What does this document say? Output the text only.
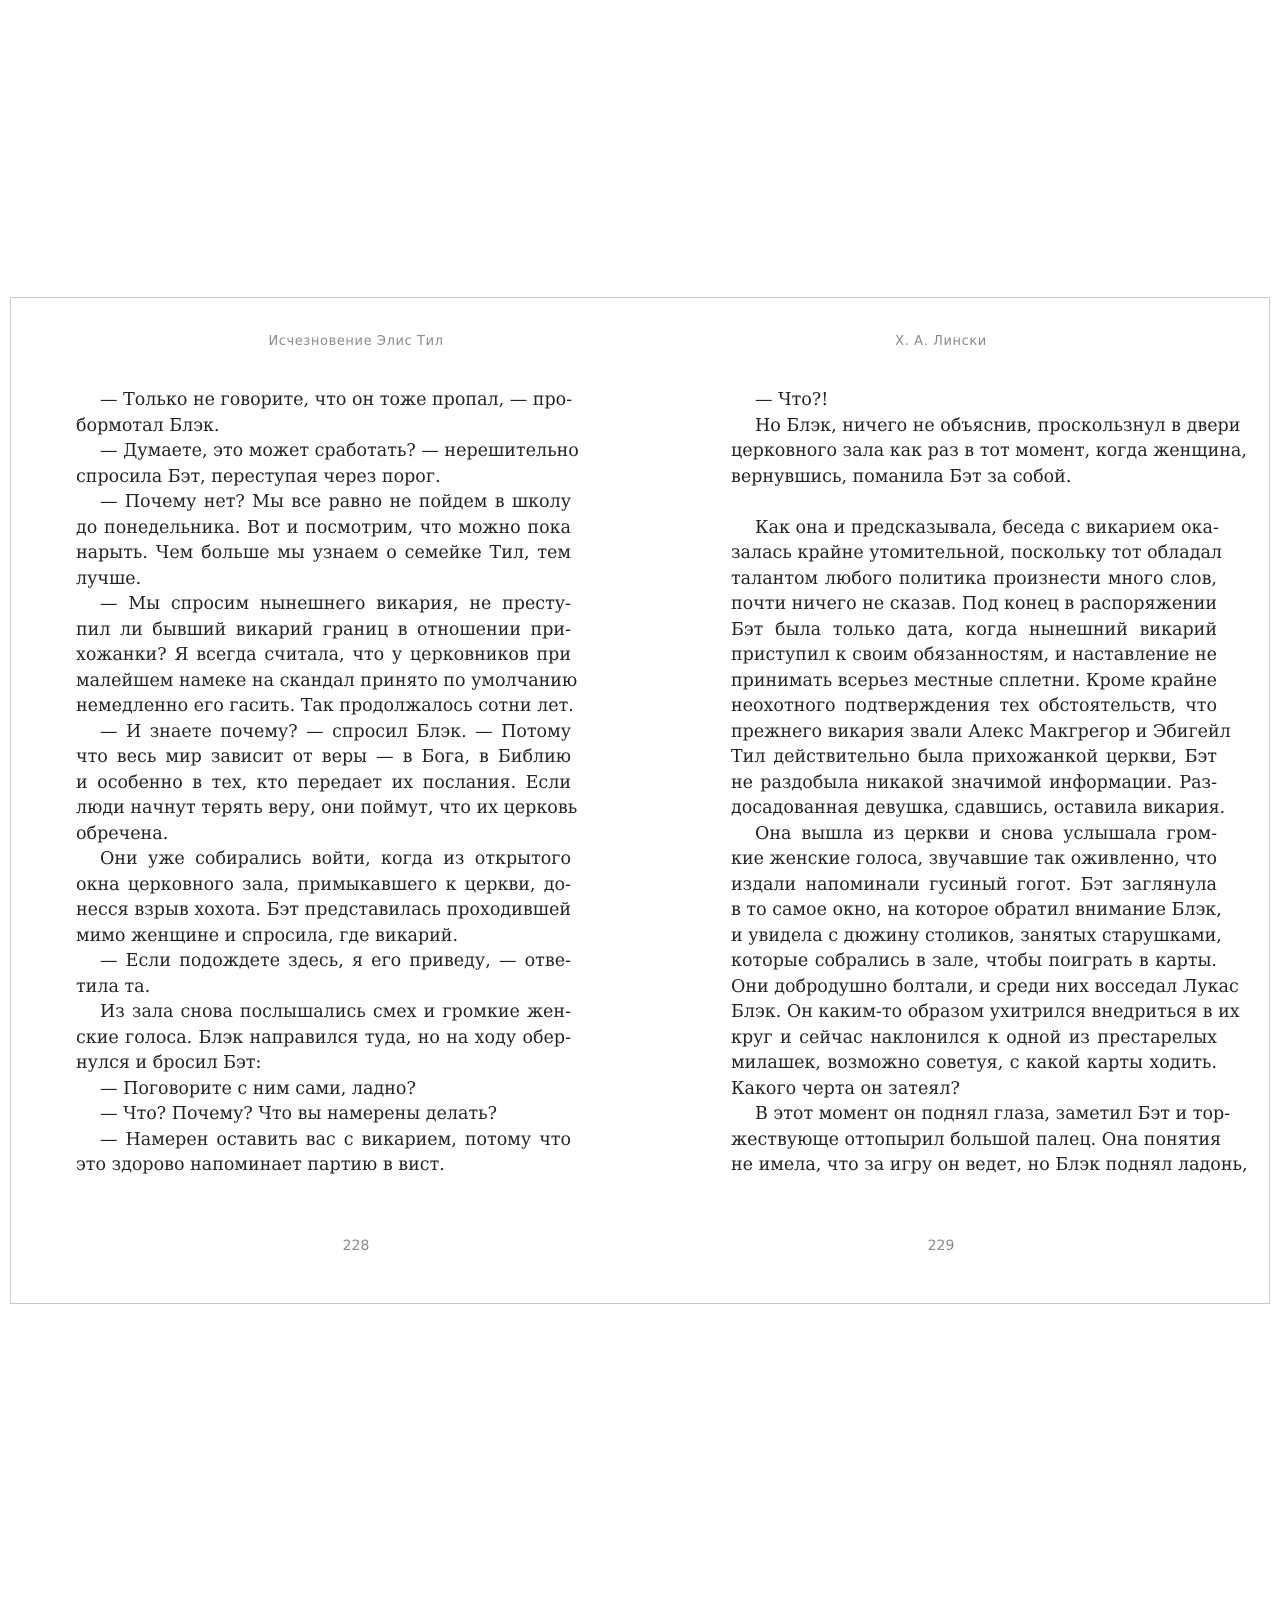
Исчезновение Элис Тил
— Только не говорите, что он тоже пропал, — про-
бормотал Блэк.
— Думаете, это может сработать? — нерешительно
спросила Бэт, переступая через порог.
— Почему нет? Мы все равно не пойдем в школу
до понедельника. Вот и посмотрим, что можно пока
нарыть. Чем больше мы узнаем о семейке Тил, тем
лучше.
— Мы спросим нынешнего викария, не престу-
пил ли бывший викарий границ в отношении при-
хожанки? Я всегда считала, что у церковников при
малейшем намеке на скандал принято по умолчанию
немедленно его гасить. Так продолжалось сотни лет.
— И знаете почему? — спросил Блэк. — Потому
что весь мир зависит от веры — в Бога, в Библию
и особенно в тех, кто передает их послания. Если
люди начнут терять веру, они поймут, что их церковь
обречена.
Они уже собирались войти, когда из открытого
окна церковного зала, примыкавшего к церкви, до-
несся взрыв хохота. Бэт представилась проходившей
мимо женщине и спросила, где викарий.
— Если подождете здесь, я его приведу, — отве-
тила та.
Из зала снова послышались смех и громкие жен-
ские голоса. Блэк направился туда, но на ходу обер-
нулся и бросил Бэт:
— Поговорите с ним сами, ладно?
— Что? Почему? Что вы намерены делать?
— Намерен оставить вас с викарием, потому что
это здорово напоминает партию в вист.
228
Х. А. Лински
— Что?!
Но Блэк, ничего не объяснив, проскользнул в двери
церковного зала как раз в тот момент, когда женщина,
вернувшись, поманила Бэт за собой.
Как она и предсказывала, беседа с викарием ока-
залась крайне утомительной, поскольку тот обладал
талантом любого политика произнести много слов,
почти ничего не сказав. Под конец в распоряжении
Бэт была только дата, когда нынешний викарий
приступил к своим обязанностям, и наставление не
принимать всерьез местные сплетни. Кроме крайне
неохотного подтверждения тех обстоятельств, что
прежнего викария звали Алекс Макгрегор и Эбигейл
Тил действительно была прихожанкой церкви, Бэт
не раздобыла никакой значимой информации. Раз-
досадованная девушка, сдавшись, оставила викария.
Она вышла из церкви и снова услышала гром-
кие женские голоса, звучавшие так оживленно, что
издали напоминали гусиный гогот. Бэт заглянула
в то самое окно, на которое обратил внимание Блэк,
и увидела с дюжину столиков, занятых старушками,
которые собрались в зале, чтобы поиграть в карты.
Они добродушно болтали, и среди них восседал Лукас
Блэк. Он каким-то образом ухитрился внедриться в их
круг и сейчас наклонился к одной из престарелых
милашек, возможно советуя, с какой карты ходить.
Какого черта он затеял?
В этот момент он поднял глаза, заметил Бэт и тор-
жествующе оттопырил большой палец. Она понятия
не имела, что за игру он ведет, но Блэк поднял ладонь,
229
